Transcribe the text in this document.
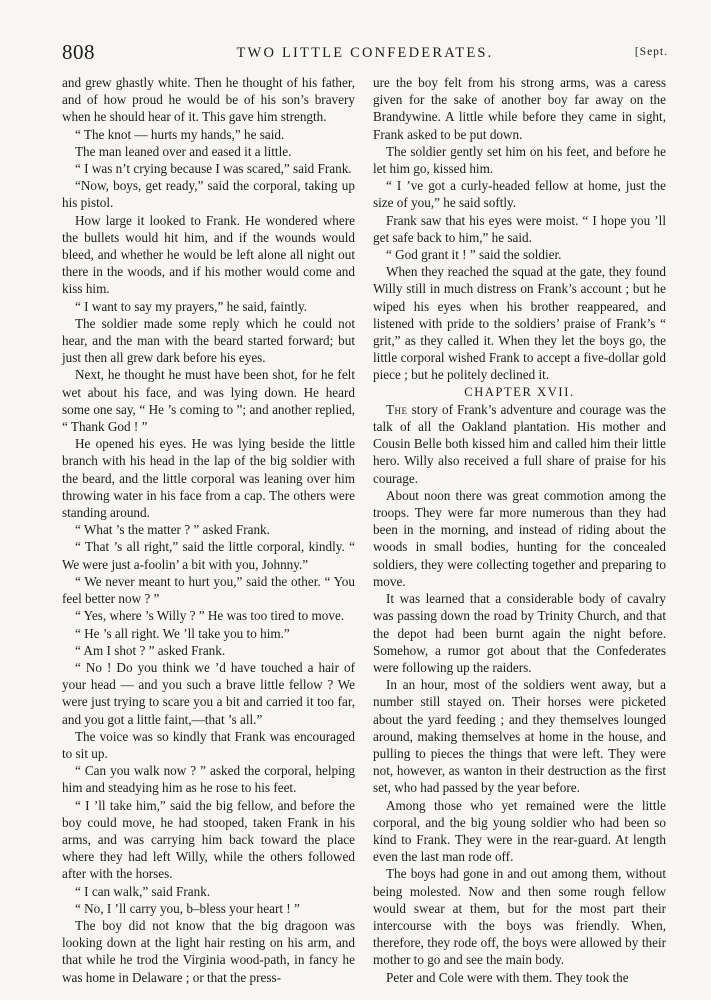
808	TWO LITTLE CONFEDERATES.	[Sept.

and grew ghastly white. Then he thought of his father, and of how proud he would be of his son’s bravery when he should hear of it. This gave him strength.

“ The knot — hurts my hands,” he said.

The man leaned over and eased it a little.

“ I was n’t crying because I was scared,” said Frank.

“Now, boys, get ready,” said the corporal, taking up his pistol.

How large it looked to Frank. He wondered where the bullets would hit him, and if the wounds would bleed, and whether he would be left alone all night out there in the woods, and if his mother would come and kiss him.

“ I want to say my prayers,” he said, faintly.

The soldier made some reply which he could not hear, and the man with the beard started forward; but just then all grew dark before his eyes.

Next, he thought he must have been shot, for he felt wet about his face, and was lying down. He heard some one say, “ He ’s coming to ”; and another replied, “ Thank God ! ”

He opened his eyes. He was lying beside the little branch with his head in the lap of the big soldier with the beard, and the little corporal was leaning over him throwing water in his face from a cap. The others were standing around.

“ What ’s the matter ? ” asked Frank.

“ That ’s all right,” said the little corporal, kindly. “ We were just a-foolin’ a bit with you, Johnny.”

“ We never meant to hurt you,” said the other. “ You feel better now ? ”

“ Yes, where ’s Willy ? ” He was too tired to move.

“ He ’s all right. We ’ll take you to him.”

“ Am I shot ? ” asked Frank.

“ No ! Do you think we ’d have touched a hair of your head — and you such a brave little fellow ? We were just trying to scare you a bit and carried it too far, and you got a little faint,—that ’s all.”

The voice was so kindly that Frank was encouraged to sit up.

“ Can you walk now ? ” asked the corporal, helping him and steadying him as he rose to his feet.

“ I ’ll take him,” said the big fellow, and before the boy could move, he had stooped, taken Frank in his arms, and was carrying him back toward the place where they had left Willy, while the others followed after with the horses.

“ I can walk,” said Frank.

“ No, I ’ll carry you, b–bless your heart ! ”

The boy did not know that the big dragoon was looking down at the light hair resting on his arm, and that while he trod the Virginia wood-path, in fancy he was home in Delaware ; or that the press-

ure the boy felt from his strong arms, was a caress given for the sake of another boy far away on the Brandywine. A little while before they came in sight, Frank asked to be put down.

The soldier gently set him on his feet, and before he let him go, kissed him.

“ I ’ve got a curly-headed fellow at home, just the size of you,” he said softly.

Frank saw that his eyes were moist. “ I hope you ’ll get safe back to him,” he said.

“ God grant it ! ” said the soldier.

When they reached the squad at the gate, they found Willy still in much distress on Frank’s account ; but he wiped his eyes when his brother reappeared, and listened with pride to the soldiers’ praise of Frank’s “ grit,” as they called it. When they let the boys go, the little corporal wished Frank to accept a five-dollar gold piece ; but he politely declined it.

CHAPTER XVII.

The story of Frank’s adventure and courage was the talk of all the Oakland plantation. His mother and Cousin Belle both kissed him and called him their little hero. Willy also received a full share of praise for his courage.

About noon there was great commotion among the troops. They were far more numerous than they had been in the morning, and instead of riding about the woods in small bodies, hunting for the concealed soldiers, they were collecting together and preparing to move.

It was learned that a considerable body of cavalry was passing down the road by Trinity Church, and that the depot had been burnt again the night before. Somehow, a rumor got about that the Confederates were following up the raiders.

In an hour, most of the soldiers went away, but a number still stayed on. Their horses were picketed about the yard feeding ; and they themselves lounged around, making themselves at home in the house, and pulling to pieces the things that were left. They were not, however, as wanton in their destruction as the first set, who had passed by the year before.

Among those who yet remained were the little corporal, and the big young soldier who had been so kind to Frank. They were in the rear-guard. At length even the last man rode off.

The boys had gone in and out among them, without being molested. Now and then some rough fellow would swear at them, but for the most part their intercourse with the boys was friendly. When, therefore, they rode off, the boys were allowed by their mother to go and see the main body.

Peter and Cole were with them. They took the
